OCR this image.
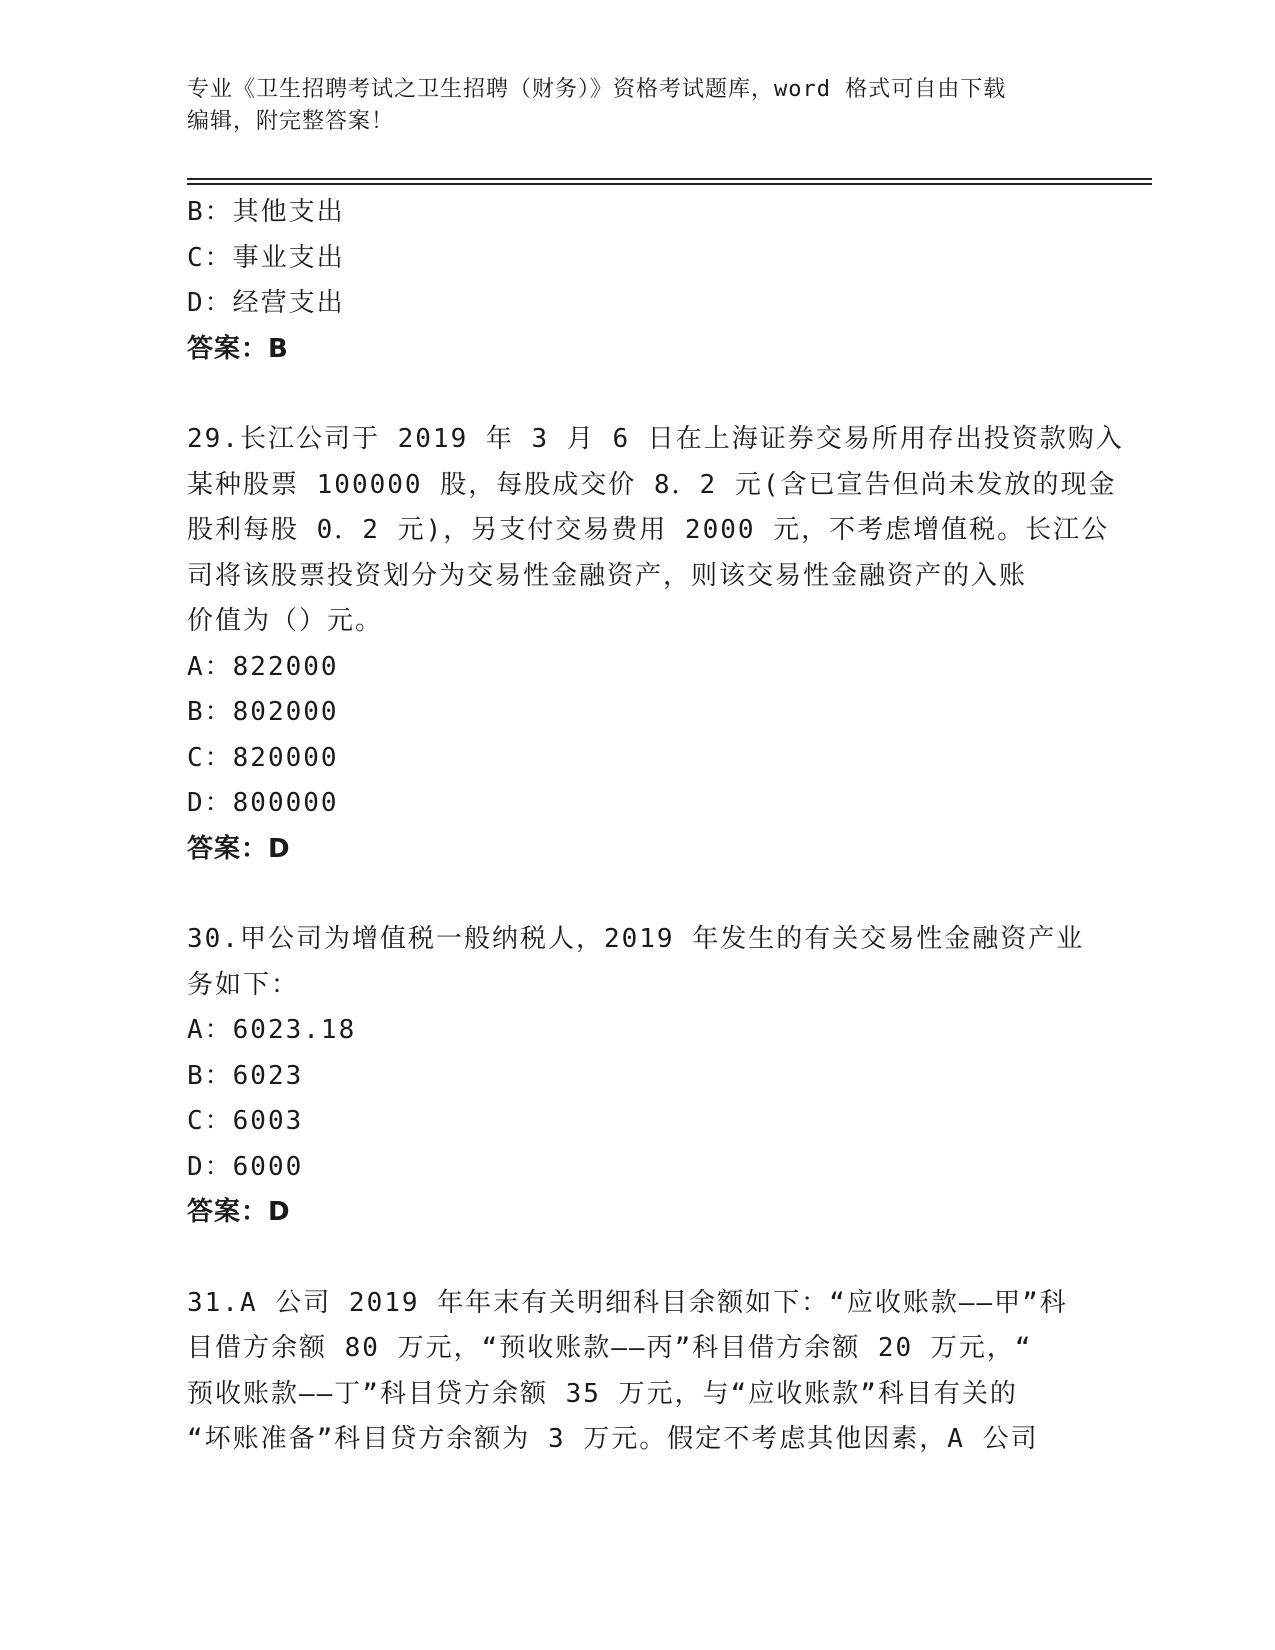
专业《卫生招聘考试之卫生招聘（财务）》资格考试题库，word 格式可自由下载
编辑，附完整答案！
B：其他支出
C：事业支出
D：经营支出
答案：B
29.长江公司于 2019 年 3 月 6 日在上海证券交易所用存出投资款购入
某种股票 100000 股，每股成交价 8．2 元(含已宣告但尚未发放的现金
股利每股 0．2 元)，另支付交易费用 2000 元，不考虑增值税。长江公
司将该股票投资划分为交易性金融资产，则该交易性金融资产的入账
价值为（）元。
A：822000
B：802000
C：820000
D：800000
答案：D
30.甲公司为增值税一般纳税人，2019 年发生的有关交易性金融资产业
务如下：
A：6023.18
B：6023
C：6003
D：6000
答案：D
31.A 公司 2019 年年末有关明细科目余额如下：“应收账款——甲”科
目借方余额 80 万元，“预收账款——丙”科目借方余额 20 万元，“
预收账款——丁”科目贷方余额 35 万元，与“应收账款”科目有关的
“坏账准备”科目贷方余额为 3 万元。假定不考虑其他因素，A 公司
